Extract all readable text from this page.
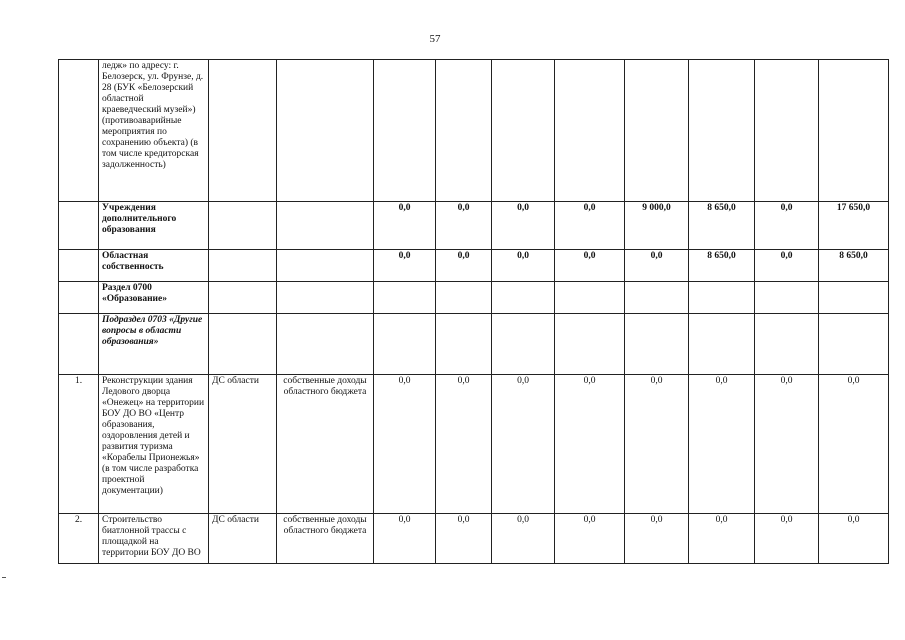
57
	ледж» по адресу: г. Белозерск, ул. Фрунзе, д. 28 (БУК «Белозерский областной краеведческий музей») (противоаварийные мероприятия по сохранению объекта) (в том числе кредиторская задолженность)										
	Учреждения дополнительного образования			0,0	0,0	0,0	0,0	9 000,0	8 650,0	0,0	17 650,0
	Областная собственность			0,0	0,0	0,0	0,0	0,0	8 650,0	0,0	8 650,0
	Раздел 0700 «Образование»										
	Подраздел 0703 «Другие вопросы в области образования»										
1.	Реконструкции здания Ледового дворца «Онежец» на территории БОУ ДО ВО «Центр образования, оздоровления детей и развития туризма «Корабелы Прионежья» (в том числе разработка проектной документации)	ДС области	собственные доходы областного бюджета	0,0	0,0	0,0	0,0	0,0	0,0	0,0	0,0
2.	Строительство биатлонной трассы с площадкой на территории БОУ ДО ВО	ДС области	собственные доходы областного бюджета	0,0	0,0	0,0	0,0	0,0	0,0	0,0	0,0
